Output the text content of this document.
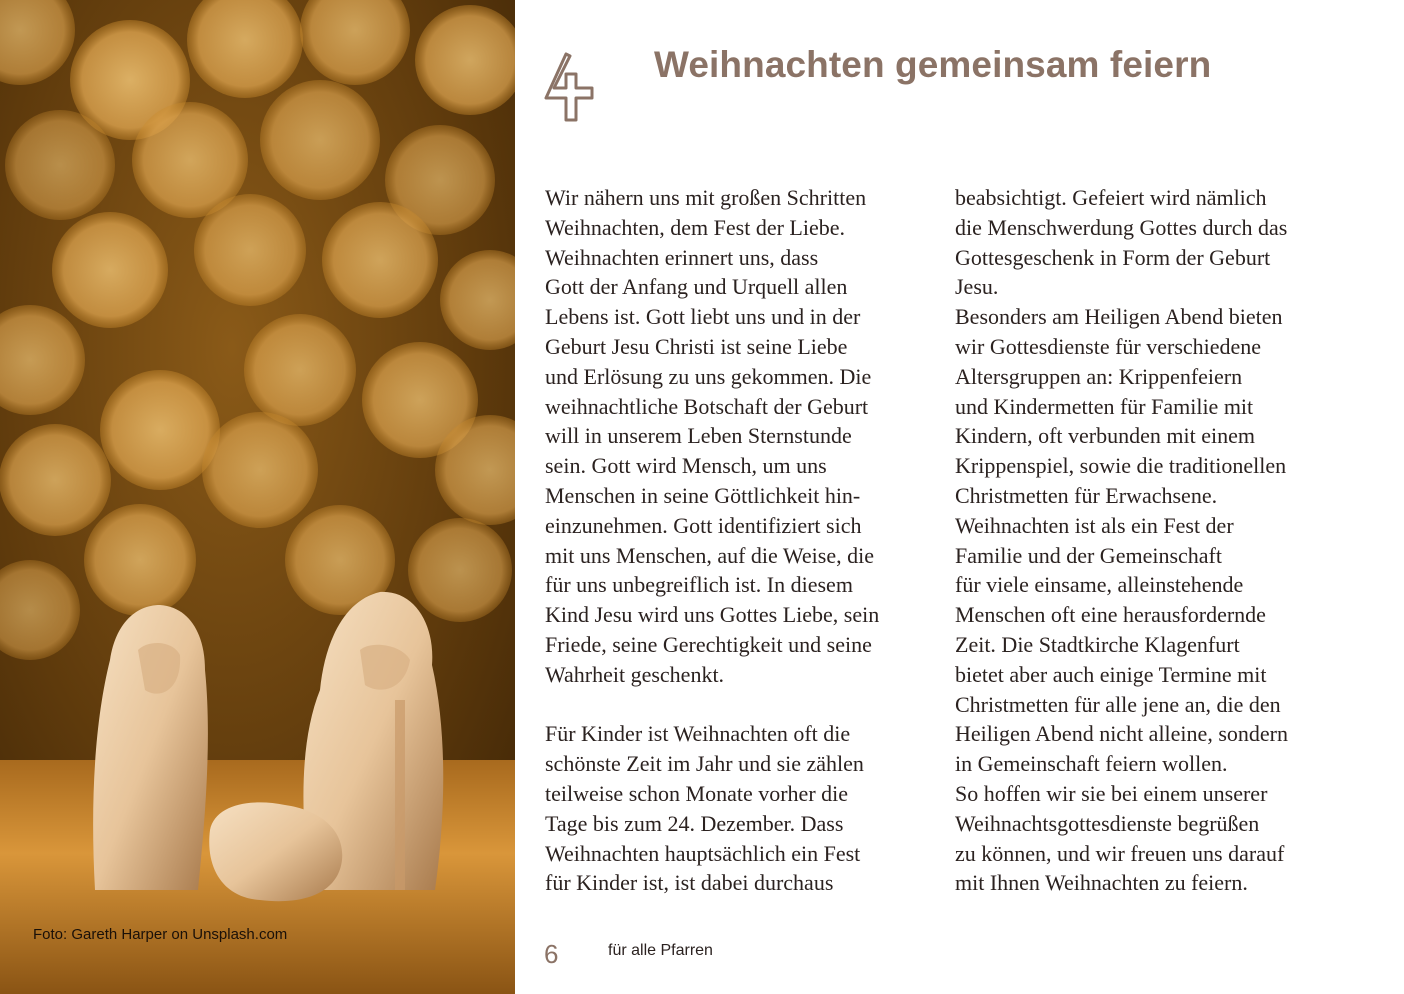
Foto: Gareth Harper on Unsplash.com
Weihnachten gemeinsam feiern

Wir nähern uns mit großen Schritten
Weihnachten, dem Fest der Liebe.
Weihnachten erinnert uns, dass
Gott der Anfang und Urquell allen
Lebens ist. Gott liebt uns und in der
Geburt Jesu Christi ist seine Liebe
und Erlösung zu uns gekommen. Die
weihnachtliche Botschaft der Geburt
will in unserem Leben Sternstunde
sein. Gott wird Mensch, um uns
Menschen in seine Göttlichkeit hin-
einzunehmen. Gott identifiziert sich
mit uns Menschen, auf die Weise, die
für uns unbegreiflich ist. In diesem
Kind Jesu wird uns Gottes Liebe, sein
Friede, seine Gerechtigkeit und seine
Wahrheit geschenkt.

Für Kinder ist Weihnachten oft die
schönste Zeit im Jahr und sie zählen
teilweise schon Monate vorher die
Tage bis zum 24. Dezember. Dass
Weihnachten hauptsächlich ein Fest
für Kinder ist, ist dabei durchaus

beabsichtigt. Gefeiert wird nämlich
die Menschwerdung Gottes durch das
Gottesgeschenk in Form der Geburt
Jesu.

Besonders am Heiligen Abend bieten
wir Gottesdienste für verschiedene
Altersgruppen an: Krippenfeiern
und Kindermetten für Familie mit
Kindern, oft verbunden mit einem
Krippenspiel, sowie die traditionellen
Christmetten für Erwachsene.

Weihnachten ist als ein Fest der
Familie und der Gemeinschaft
für viele einsame, alleinstehende
Menschen oft eine herausfordernde
Zeit. Die Stadtkirche Klagenfurt
bietet aber auch einige Termine mit
Christmetten für alle jene an, die den
Heiligen Abend nicht alleine, sondern
in Gemeinschaft feiern wollen.

So hoffen wir sie bei einem unserer
Weihnachtsgottesdienste begrüßen
zu können, und wir freuen uns darauf
mit Ihnen Weihnachten zu feiern.

6	für alle Pfarren
